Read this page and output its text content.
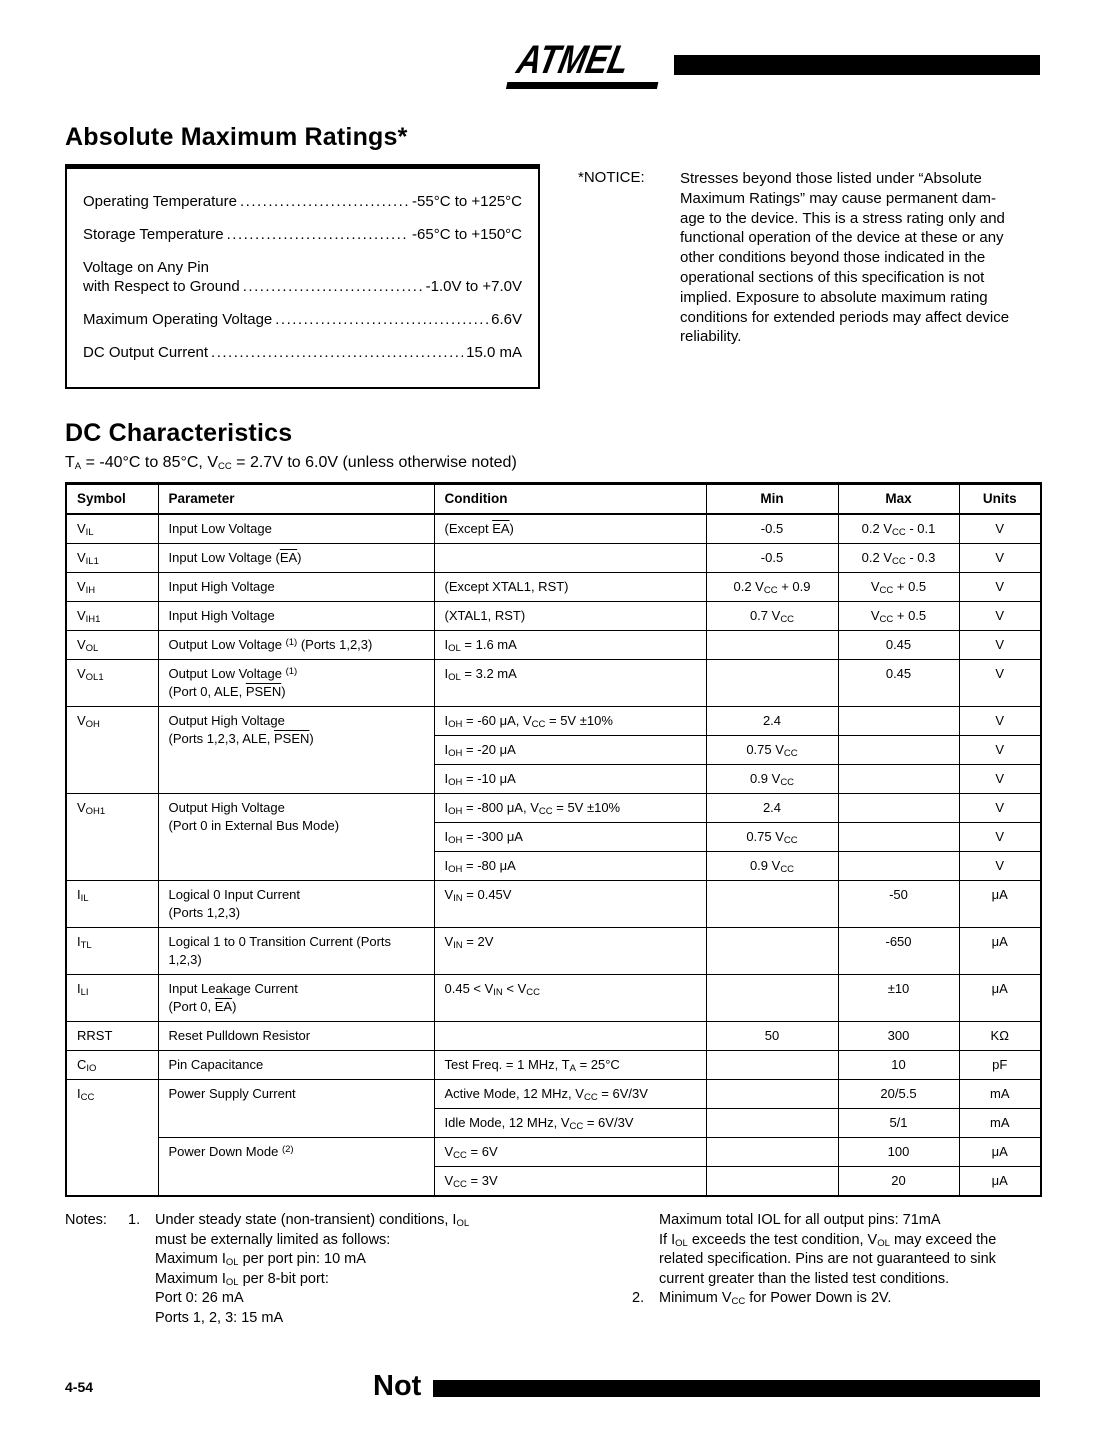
ATMEL
Absolute Maximum Ratings*
Operating Temperature .....	-55°C to +125°C
Storage Temperature .....	-65°C to +150°C
Voltage on Any Pin
with Respect to Ground .....	-1.0V to +7.0V
Maximum Operating Voltage .....	6.6V
DC Output Current .....	15.0 mA
*NOTICE:	Stresses beyond those listed under “Absolute
Maximum Ratings” may cause permanent dam-
age to the device. This is a stress rating only and
functional operation of the device at these or any
other conditions beyond those indicated in the
operational sections of this specification is not
implied. Exposure to absolute maximum rating
conditions for extended periods may affect device
reliability.
DC Characteristics
$T_A = -40^\circ C$ to 85°C, $V_{CC} = 2.7V$ to 6.0V (unless otherwise noted)
Symbol	Parameter	Condition	Min	Max	Units
$V_{IL}$	Input Low Voltage	(Except $\overline{EA}$)	-0.5	0.2 $V_{CC} - 0.1$	V
$V_{IL1}$	Input Low Voltage $(\overline{EA})$		-0.5	0.2 $V_{CC} - 0.3$	V
$V_{IH}$	Input High Voltage	(Except XTAL1, RST)	0.2 $V_{CC} + 0.9$	$V_{CC} + 0.5$	V
$V_{IH1}$	Input High Voltage	(XTAL1, RST)	0.7 $V_{CC}$	$V_{CC} + 0.5$	V
$V_{OL}$	Output Low Voltage $^{(1)}$ (Ports 1,2,3)	$I_{OL} = 1.6$ mA		0.45	V
$V_{OL1}$	Output Low Voltage $^{(1)}$
(Port 0, ALE, PSEN)	$I_{OL} = 3.2$ mA		0.45	V
$V_{OH}$	Output High Voltage
(Ports 1,2,3, ALE, PSEN)	$I_{OH} = -60$ μA, $V_{CC} = 5V \pm 10\%$	2.4		V
		$I_{OH} = -20$ μA	0.75 $V_{CC}$		V
		$I_{OH} = -10$ μA	0.9 $V_{CC}$		V
$V_{OH1}$	Output High Voltage
(Port 0 in External Bus Mode)	$I_{OH} = -800$ μA, $V_{CC} = 5V \pm 10\%$	2.4		V
		$I_{OH} = -300$ μA	0.75 $V_{CC}$		V
		$I_{OH} = -80$ μA	0.9 $V_{CC}$		V
$I_{IL}$	Logical 0 Input Current
(Ports 1,2,3)	$V_{IN} = 0.45V$		-50	μA
$I_{TL}$	Logical 1 to 0 Transition Current (Ports
1,2,3)	$V_{IN} = 2V$		-650	μA
$I_{LI}$	Input Leakage Current
(Port 0, $\overline{EA}$)	$0.45 < V_{IN} < V_{CC}$		±10	μA
RRST	Reset Pulldown Resistor		50	300	KΩ
$C_{IO}$	Pin Capacitance	Test Freq. = 1 MHz, $T_A = 25^\circ C$		10	pF
$I_{CC}$	Power Supply Current	Active Mode, 12 MHz, $V_{CC} = 6V/3V$		20/5.5	mA
		Idle Mode, 12 MHz, $V_{CC} = 6V/3V$		5/1	mA
	Power Down Mode $^{(2)}$	$V_{CC} = 6V$		100	μA
		$V_{CC} = 3V$		20	μA
Notes:	1.	Under steady state (non-transient) conditions, $I_{OL}$
must be externally limited as follows:
Maximum $I_{OL}$ per port pin: 10 mA
Maximum $I_{OL}$ per 8-bit port:
Port 0: 26 mA
Ports 1, 2, 3: 15 mA
Maximum total IOL for all output pins: 71mA
If $I_{OL}$ exceeds the test condition, $V_{OL}$ may exceed the
related specification. Pins are not guaranteed to sink
current greater than the listed test conditions.
2.	Minimum $V_{CC}$ for Power Down is 2V.
4-54	Not
